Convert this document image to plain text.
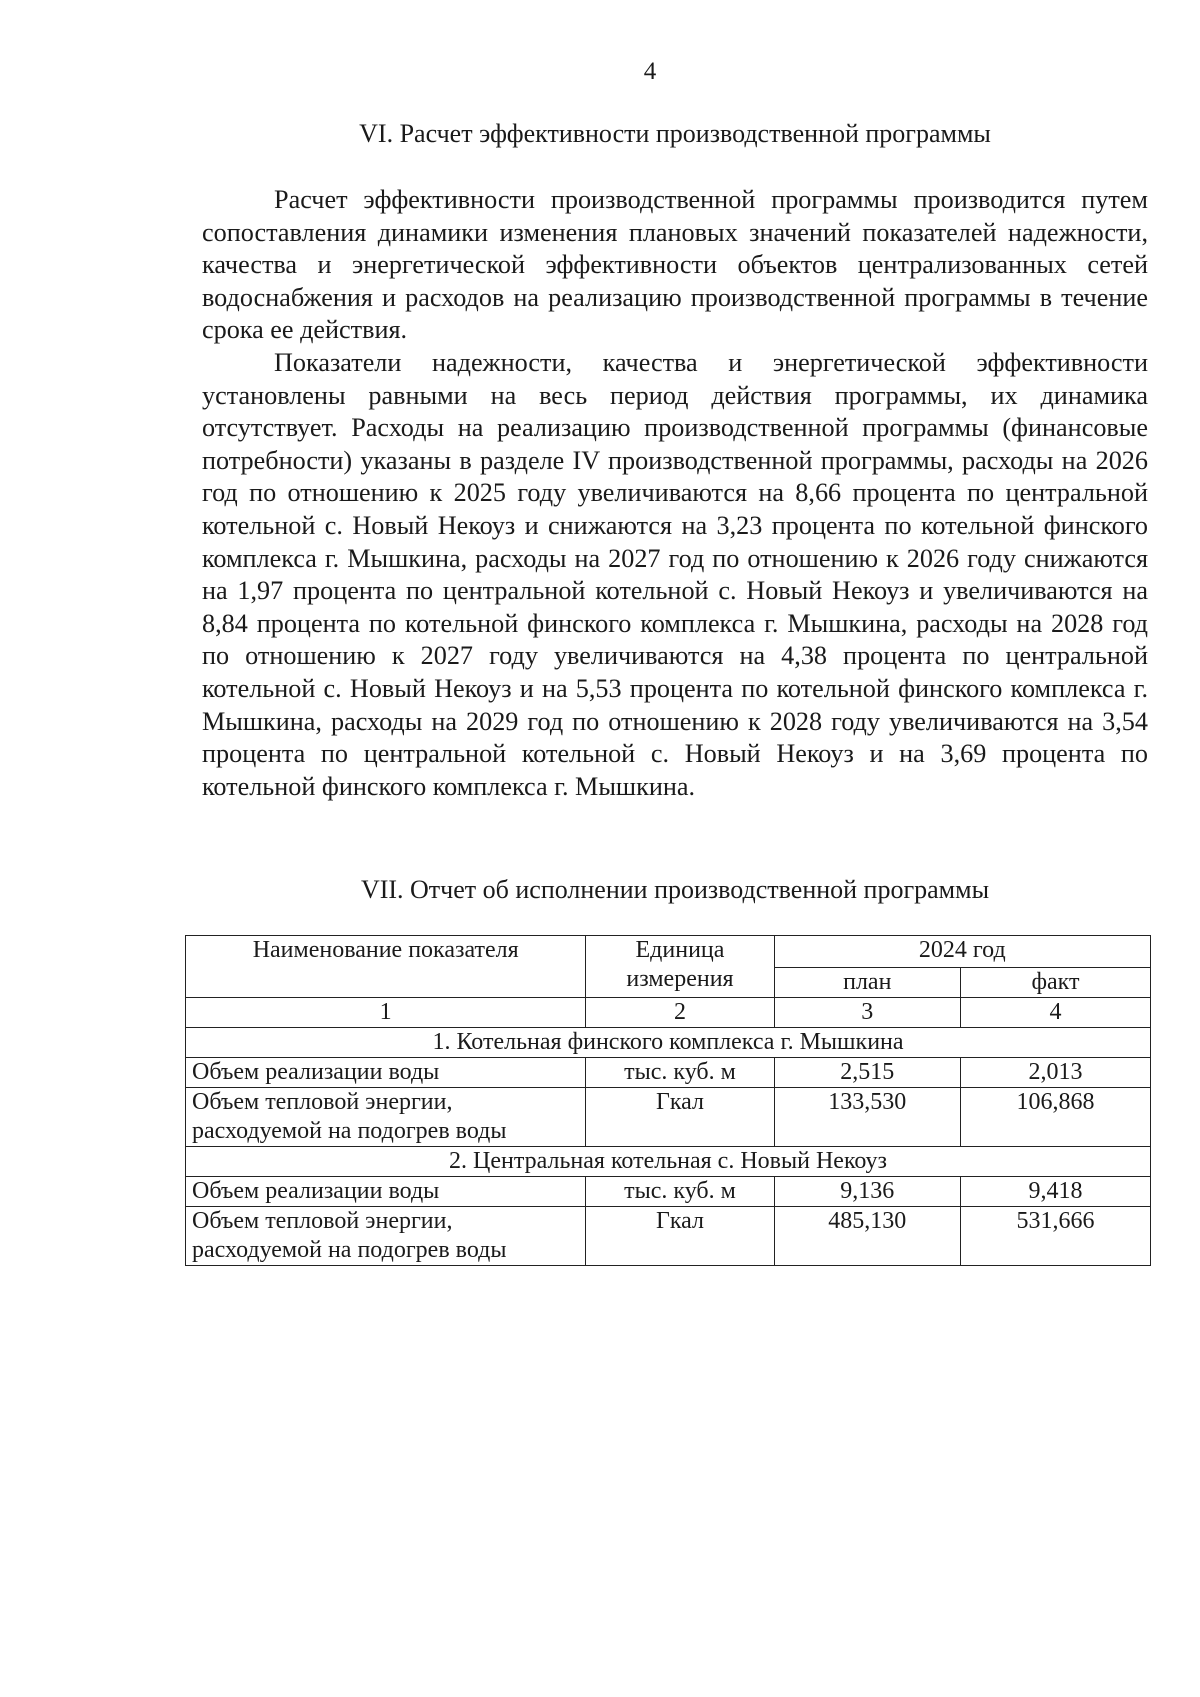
4
VI. Расчет эффективности производственной программы

Расчет эффективности производственной программы производится путем сопоставления динамики изменения плановых значений показателей надежности, качества и энергетической эффективности объектов централизованных сетей водоснабжения и расходов на реализацию производственной программы в течение срока ее действия.

Показатели надежности, качества и энергетической эффективности установлены равными на весь период действия программы, их динамика отсутствует. Расходы на реализацию производственной программы (финансовые потребности) указаны в разделе IV производственной программы, расходы на 2026 год по отношению к 2025 году увеличиваются на 8,66 процента по центральной котельной с. Новый Некоуз и снижаются на 3,23 процента по котельной финского комплекса г. Мышкина, расходы на 2027 год по отношению к 2026 году снижаются на 1,97 процента по центральной котельной с. Новый Некоуз и увеличиваются на 8,84 процента по котельной финского комплекса г. Мышкина, расходы на 2028 год по отношению к 2027 году увеличиваются на 4,38 процента по центральной котельной с. Новый Некоуз и на 5,53 процента по котельной финского комплекса г. Мышкина, расходы на 2029 год по отношению к 2028 году увеличиваются на 3,54 процента по центральной котельной с. Новый Некоуз и на 3,69 процента по котельной финского комплекса г. Мышкина.

VII. Отчет об исполнении производственной программы
Наименование показателя	Единица измерения	2024 год	
		план	факт
1	2	3	4
1. Котельная финского комплекса г. Мышкина			
Объем реализации воды	тыс. куб. м	2,515	2,013
Объем тепловой энергии, расходуемой на подогрев воды	Гкал	133,530	106,868
2. Центральная котельная с. Новый Некоуз			
Объем реализации воды	тыс. куб. м	9,136	9,418
Объем тепловой энергии, расходуемой на подогрев воды	Гкал	485,130	531,666
